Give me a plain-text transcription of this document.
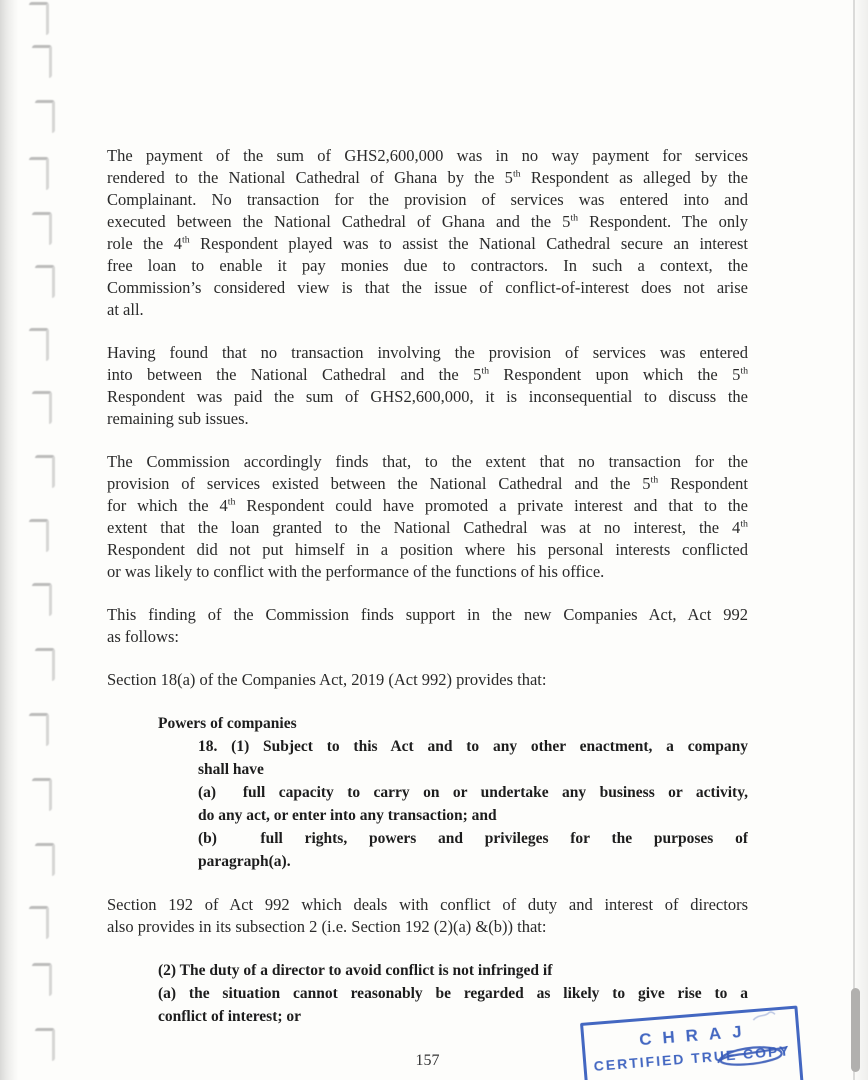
The payment of the sum of GHS2,600,000 was in no way payment for services
rendered to the National Cathedral of Ghana by the 5th Respondent as alleged by the
Complainant. No transaction for the provision of services was entered into and
executed between the National Cathedral of Ghana and the 5th Respondent. The only
role the 4th Respondent played was to assist the National Cathedral secure an interest
free loan to enable it pay monies due to contractors. In such a context, the
Commission’s considered view is that the issue of conflict-of-interest does not arise
at all.
Having found that no transaction involving the provision of services was entered
into between the National Cathedral and the 5th Respondent upon which the 5th
Respondent was paid the sum of GHS2,600,000, it is inconsequential to discuss the
remaining sub issues.
The Commission accordingly finds that, to the extent that no transaction for the
provision of services existed between the National Cathedral and the 5th Respondent
for which the 4th Respondent could have promoted a private interest and that to the
extent that the loan granted to the National Cathedral was at no interest, the 4th
Respondent did not put himself in a position where his personal interests conflicted
or was likely to conflict with the performance of the functions of his office.
This finding of the Commission finds support in the new Companies Act, Act 992
as follows:
Section 18(a) of the Companies Act, 2019 (Act 992) provides that:
Powers of companies
18. (1) Subject to this Act and to any other enactment, a company
shall have
(a)  full capacity to carry on or undertake any business or activity,
do any act, or enter into any transaction; and
(b)  full rights, powers and privileges for the purposes of
paragraph(a).
Section 192 of Act 992 which deals with conflict of duty and interest of directors
also provides in its subsection 2 (i.e. Section 192 (2)(a) &(b)) that:
(2) The duty of a director to avoid conflict is not infringed if
(a) the situation cannot reasonably be regarded as likely to give rise to a
conflict of interest; or
157
CHRAJ
CERTIFIED TRUE COPY
